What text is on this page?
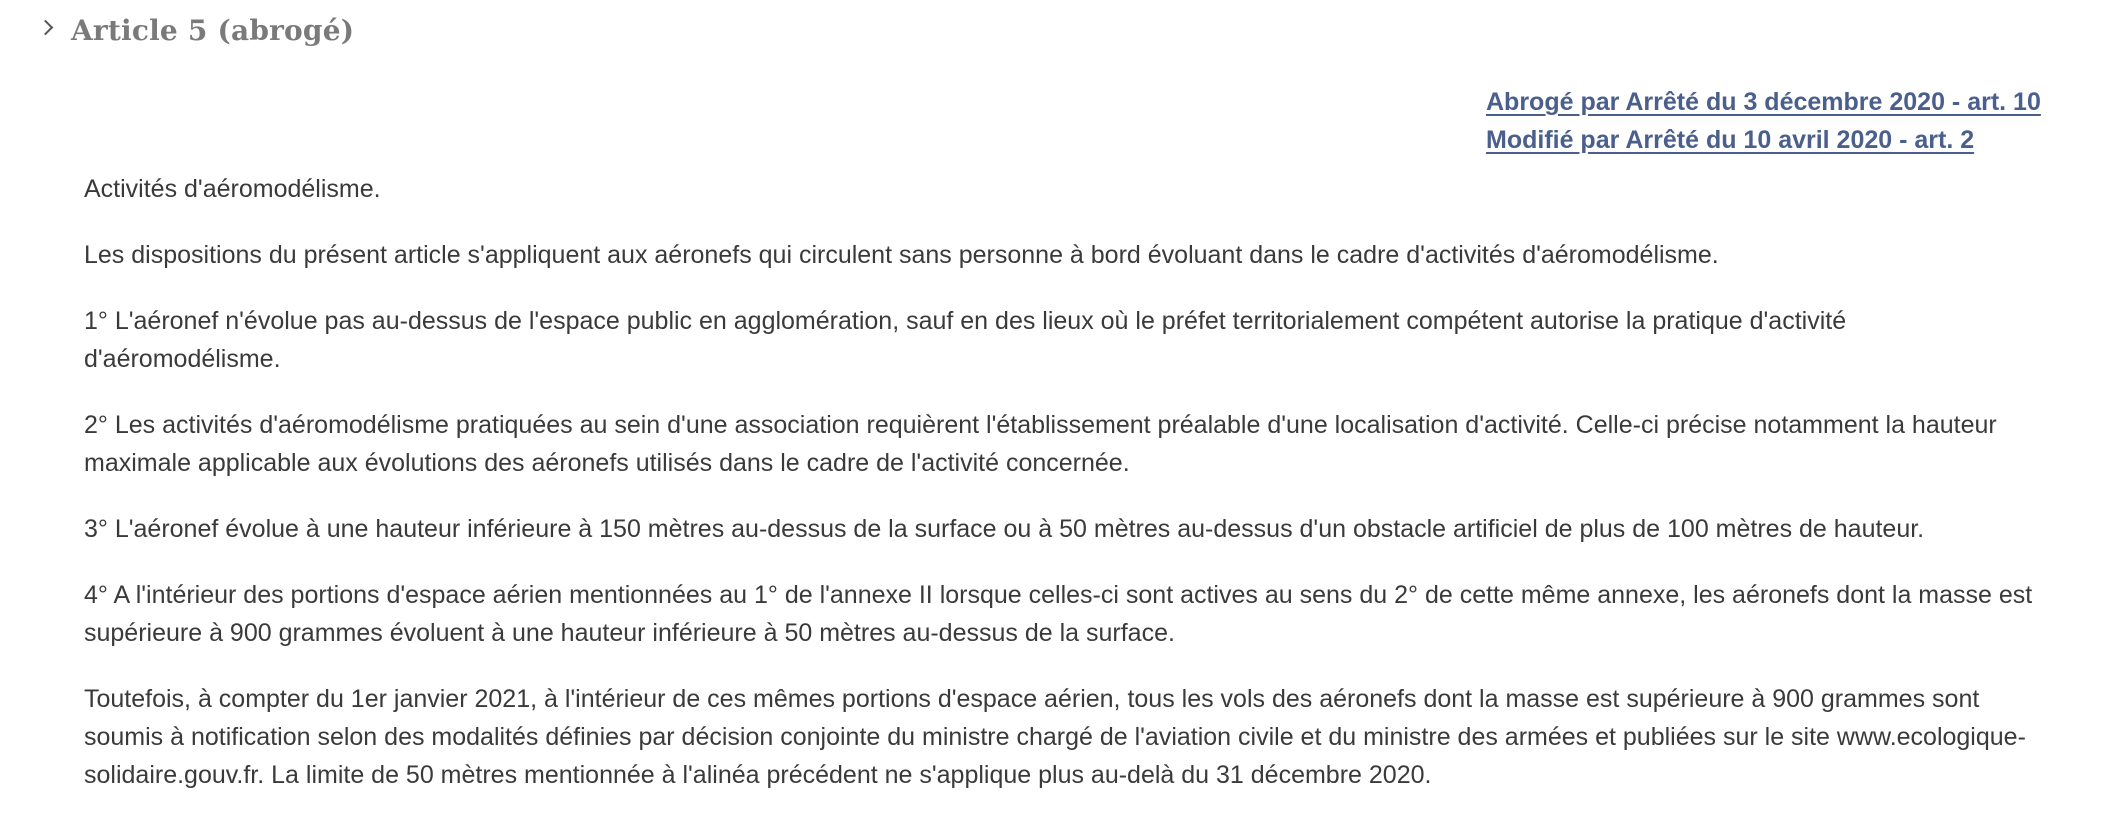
Article 5 (abrogé)
Abrogé par Arrêté du 3 décembre 2020 - art. 10
Modifié par Arrêté du 10 avril 2020 - art. 2

Activités d'aéromodélisme.

Les dispositions du présent article s'appliquent aux aéronefs qui circulent sans personne à bord évoluant dans le cadre d'activités d'aéromodélisme.

1° L'aéronef n'évolue pas au-dessus de l'espace public en agglomération, sauf en des lieux où le préfet territorialement compétent autorise la pratique d'activité d'aéromodélisme.

2° Les activités d'aéromodélisme pratiquées au sein d'une association requièrent l'établissement préalable d'une localisation d'activité. Celle-ci précise notamment la hauteur maximale applicable aux évolutions des aéronefs utilisés dans le cadre de l'activité concernée.

3° L'aéronef évolue à une hauteur inférieure à 150 mètres au-dessus de la surface ou à 50 mètres au-dessus d'un obstacle artificiel de plus de 100 mètres de hauteur.

4° A l'intérieur des portions d'espace aérien mentionnées au 1° de l'annexe II lorsque celles-ci sont actives au sens du 2° de cette même annexe, les aéronefs dont la masse est supérieure à 900 grammes évoluent à une hauteur inférieure à 50 mètres au-dessus de la surface.

Toutefois, à compter du 1er janvier 2021, à l'intérieur de ces mêmes portions d'espace aérien, tous les vols des aéronefs dont la masse est supérieure à 900 grammes sont soumis à notification selon des modalités définies par décision conjointe du ministre chargé de l'aviation civile et du ministre des armées et publiées sur le site www.ecologique-solidaire.gouv.fr. La limite de 50 mètres mentionnée à l'alinéa précédent ne s'applique plus au-delà du 31 décembre 2020.
